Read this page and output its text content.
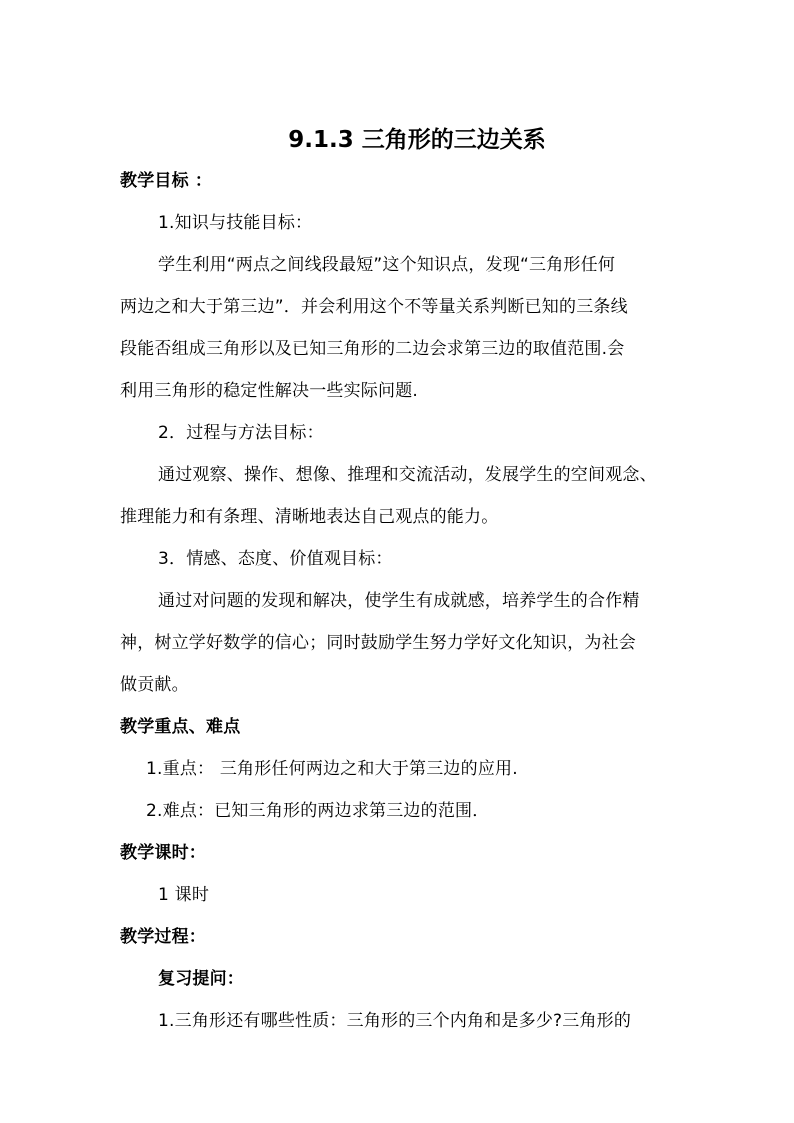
9.1.3 三角形的三边关系
教学目标 ：
1.知识与技能目标：
学生利用“两点之间线段最短”这个知识点，发现“三角形任何
两边之和大于第三边”．并会利用这个不等量关系判断已知的三条线
段能否组成三角形以及已知三角形的二边会求第三边的取值范围.会
利用三角形的稳定性解决一些实际问题.
2．过程与方法目标：
通过观察、操作、想像、推理和交流活动，发展学生的空间观念、
推理能力和有条理、清晰地表达自己观点的能力。
3．情感、态度、价值观目标：
通过对问题的发现和解决，使学生有成就感，培养学生的合作精
神，树立学好数学的信心；同时鼓励学生努力学好文化知识，为社会
做贡献。
教学重点、难点
1.重点： 三角形任何两边之和大于第三边的应用.
2.难点：已知三角形的两边求第三边的范围．
教学课时：
1 课时
教学过程：
复习提问：
1.三角形还有哪些性质：三角形的三个内角和是多少?三角形的
